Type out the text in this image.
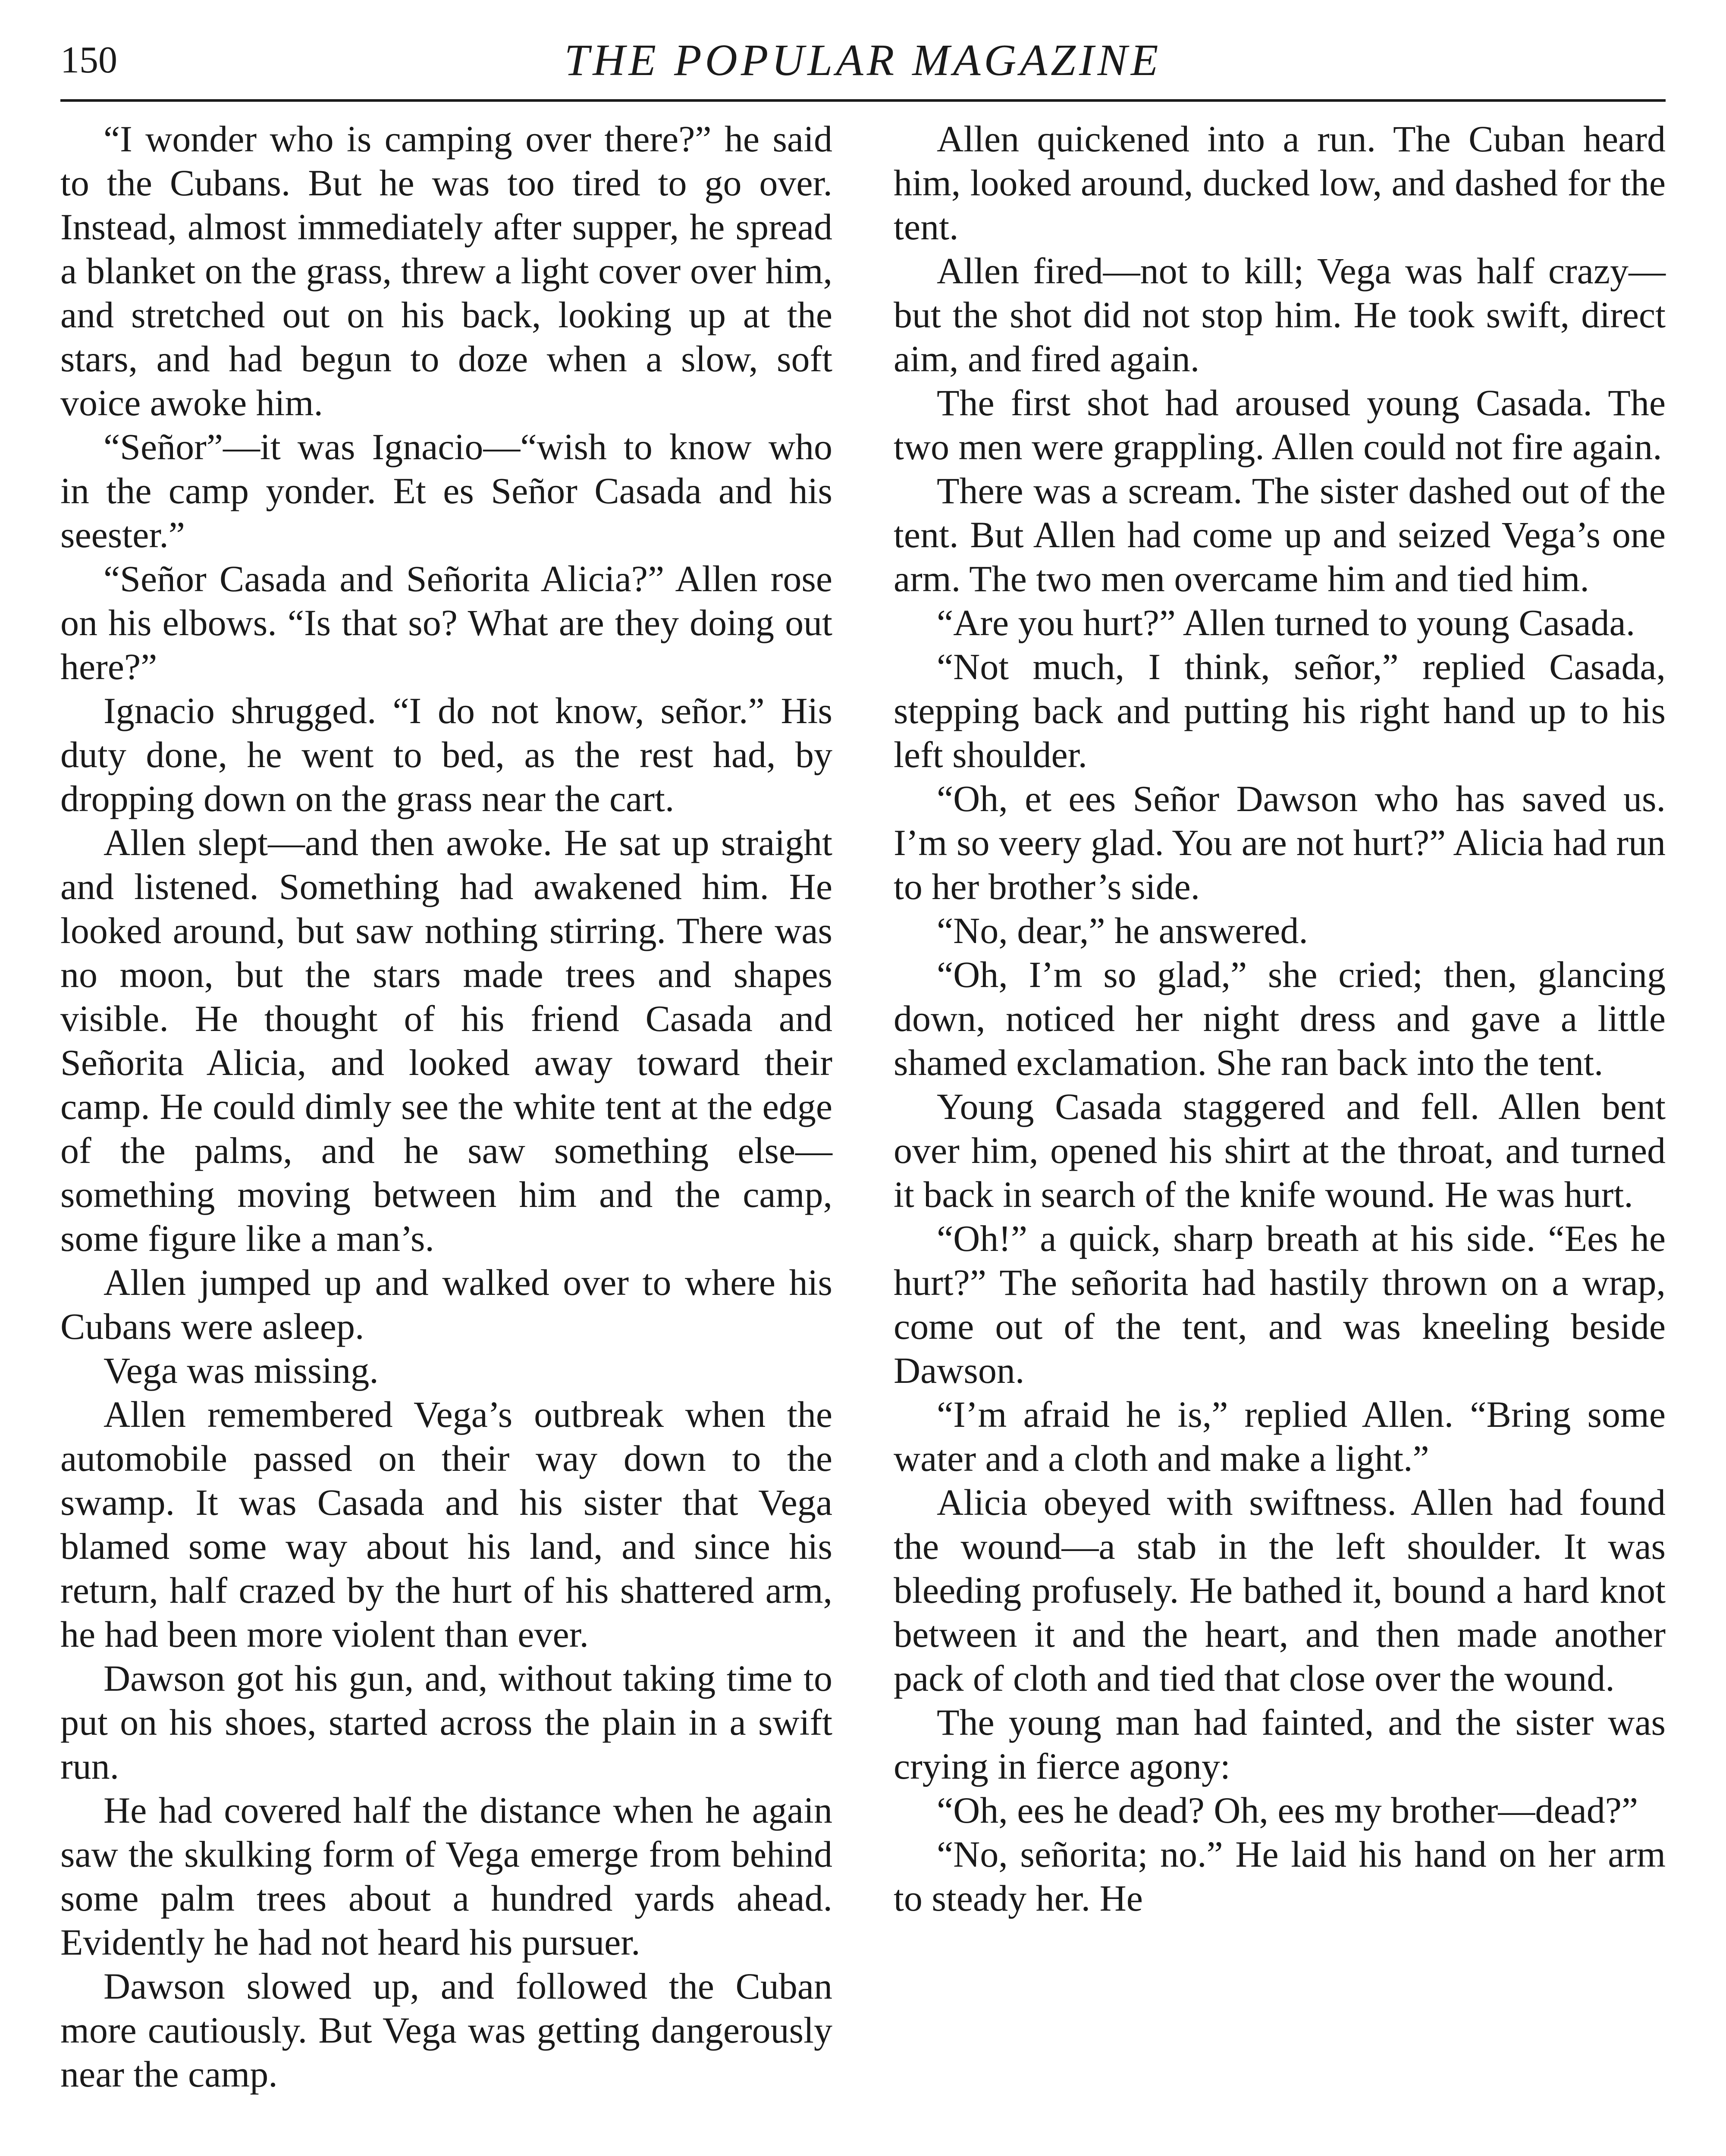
150	THE POPULAR MAGAZINE

“I wonder who is camping over there?” he said to the Cubans. But he was too tired to go over. Instead, almost immediately after supper, he spread a blanket on the grass, threw a light cover over him, and stretched out on his back, looking up at the stars, and had begun to doze when a slow, soft voice awoke him.

“Señor”—it was Ignacio—“wish to know who in the camp yonder. Et es Señor Casada and his seester.”

“Señor Casada and Señorita Alicia?” Allen rose on his elbows. “Is that so? What are they doing out here?”

Ignacio shrugged. “I do not know, señor.” His duty done, he went to bed, as the rest had, by dropping down on the grass near the cart.

Allen slept—and then awoke. He sat up straight and listened. Something had awakened him. He looked around, but saw nothing stirring. There was no moon, but the stars made trees and shapes visible. He thought of his friend Casada and Señorita Alicia, and looked away toward their camp. He could dimly see the white tent at the edge of the palms, and he saw something else—something moving between him and the camp, some figure like a man’s.

Allen jumped up and walked over to where his Cubans were asleep.

Vega was missing.

Allen remembered Vega’s outbreak when the automobile passed on their way down to the swamp. It was Casada and his sister that Vega blamed some way about his land, and since his return, half crazed by the hurt of his shattered arm, he had been more violent than ever.

Dawson got his gun, and, without taking time to put on his shoes, started across the plain in a swift run.

He had covered half the distance when he again saw the skulking form of Vega emerge from behind some palm trees about a hundred yards ahead. Evidently he had not heard his pursuer.

Dawson slowed up, and followed the Cuban more cautiously. But Vega was getting dangerously near the camp.

Allen quickened into a run. The Cuban heard him, looked around, ducked low, and dashed for the tent.

Allen fired—not to kill; Vega was half crazy—but the shot did not stop him. He took swift, direct aim, and fired again.

The first shot had aroused young Casada. The two men were grappling. Allen could not fire again.

There was a scream. The sister dashed out of the tent. But Allen had come up and seized Vega’s one arm. The two men overcame him and tied him.

“Are you hurt?” Allen turned to young Casada.

“Not much, I think, señor,” replied Casada, stepping back and putting his right hand up to his left shoulder.

“Oh, et ees Señor Dawson who has saved us. I’m so veery glad. You are not hurt?” Alicia had run to her brother’s side.

“No, dear,” he answered.

“Oh, I’m so glad,” she cried; then, glancing down, noticed her night dress and gave a little shamed exclamation. She ran back into the tent.

Young Casada staggered and fell. Allen bent over him, opened his shirt at the throat, and turned it back in search of the knife wound. He was hurt.

“Oh!” a quick, sharp breath at his side. “Ees he hurt?” The señorita had hastily thrown on a wrap, come out of the tent, and was kneeling beside Dawson.

“I’m afraid he is,” replied Allen. “Bring some water and a cloth and make a light.”

Alicia obeyed with swiftness. Allen had found the wound—a stab in the left shoulder. It was bleeding profusely. He bathed it, bound a hard knot between it and the heart, and then made another pack of cloth and tied that close over the wound.

The young man had fainted, and the sister was crying in fierce agony:

“Oh, ees he dead? Oh, ees my brother—dead?”

“No, señorita; no.” He laid his hand on her arm to steady her. He
